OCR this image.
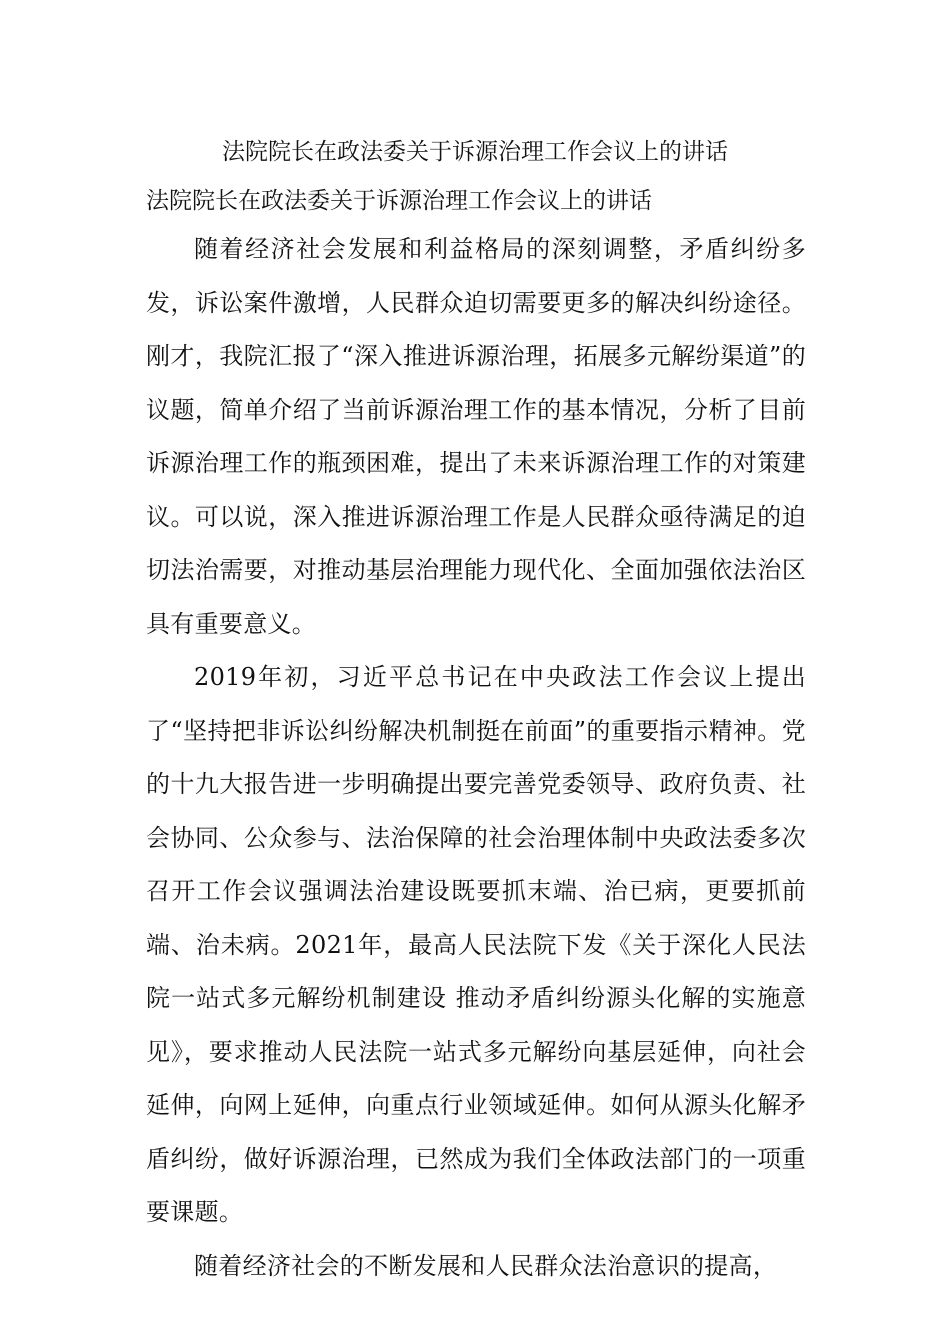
法院院长在政法委关于诉源治理工作会议上的讲话
法院院长在政法委关于诉源治理工作会议上的讲话

随着经济社会发展和利益格局的深刻调整，矛盾纠纷多发，诉讼案件激增，人民群众迫切需要更多的解决纠纷途径。刚才，我院汇报了“深入推进诉源治理，拓展多元解纷渠道”的议题，简单介绍了当前诉源治理工作的基本情况，分析了目前诉源治理工作的瓶颈困难，提出了未来诉源治理工作的对策建议。可以说，深入推进诉源治理工作是人民群众亟待满足的迫切法治需要，对推动基层治理能力现代化、全面加强依法治区具有重要意义。

2019年初，习近平总书记在中央政法工作会议上提出了“坚持把非诉讼纠纷解决机制挺在前面”的重要指示精神。党的十九大报告进一步明确提出要完善党委领导、政府负责、社会协同、公众参与、法治保障的社会治理体制中央政法委多次召开工作会议强调法治建设既要抓末端、治已病，更要抓前端、治未病。2021年，最高人民法院下发《关于深化人民法院一站式多元解纷机制建设 推动矛盾纠纷源头化解的实施意见》，要求推动人民法院一站式多元解纷向基层延伸，向社会延伸，向网上延伸，向重点行业领域延伸。如何从源头化解矛盾纠纷，做好诉源治理，已然成为我们全体政法部门的一项重要课题。

随着经济社会的不断发展和人民群众法治意识的提高，
